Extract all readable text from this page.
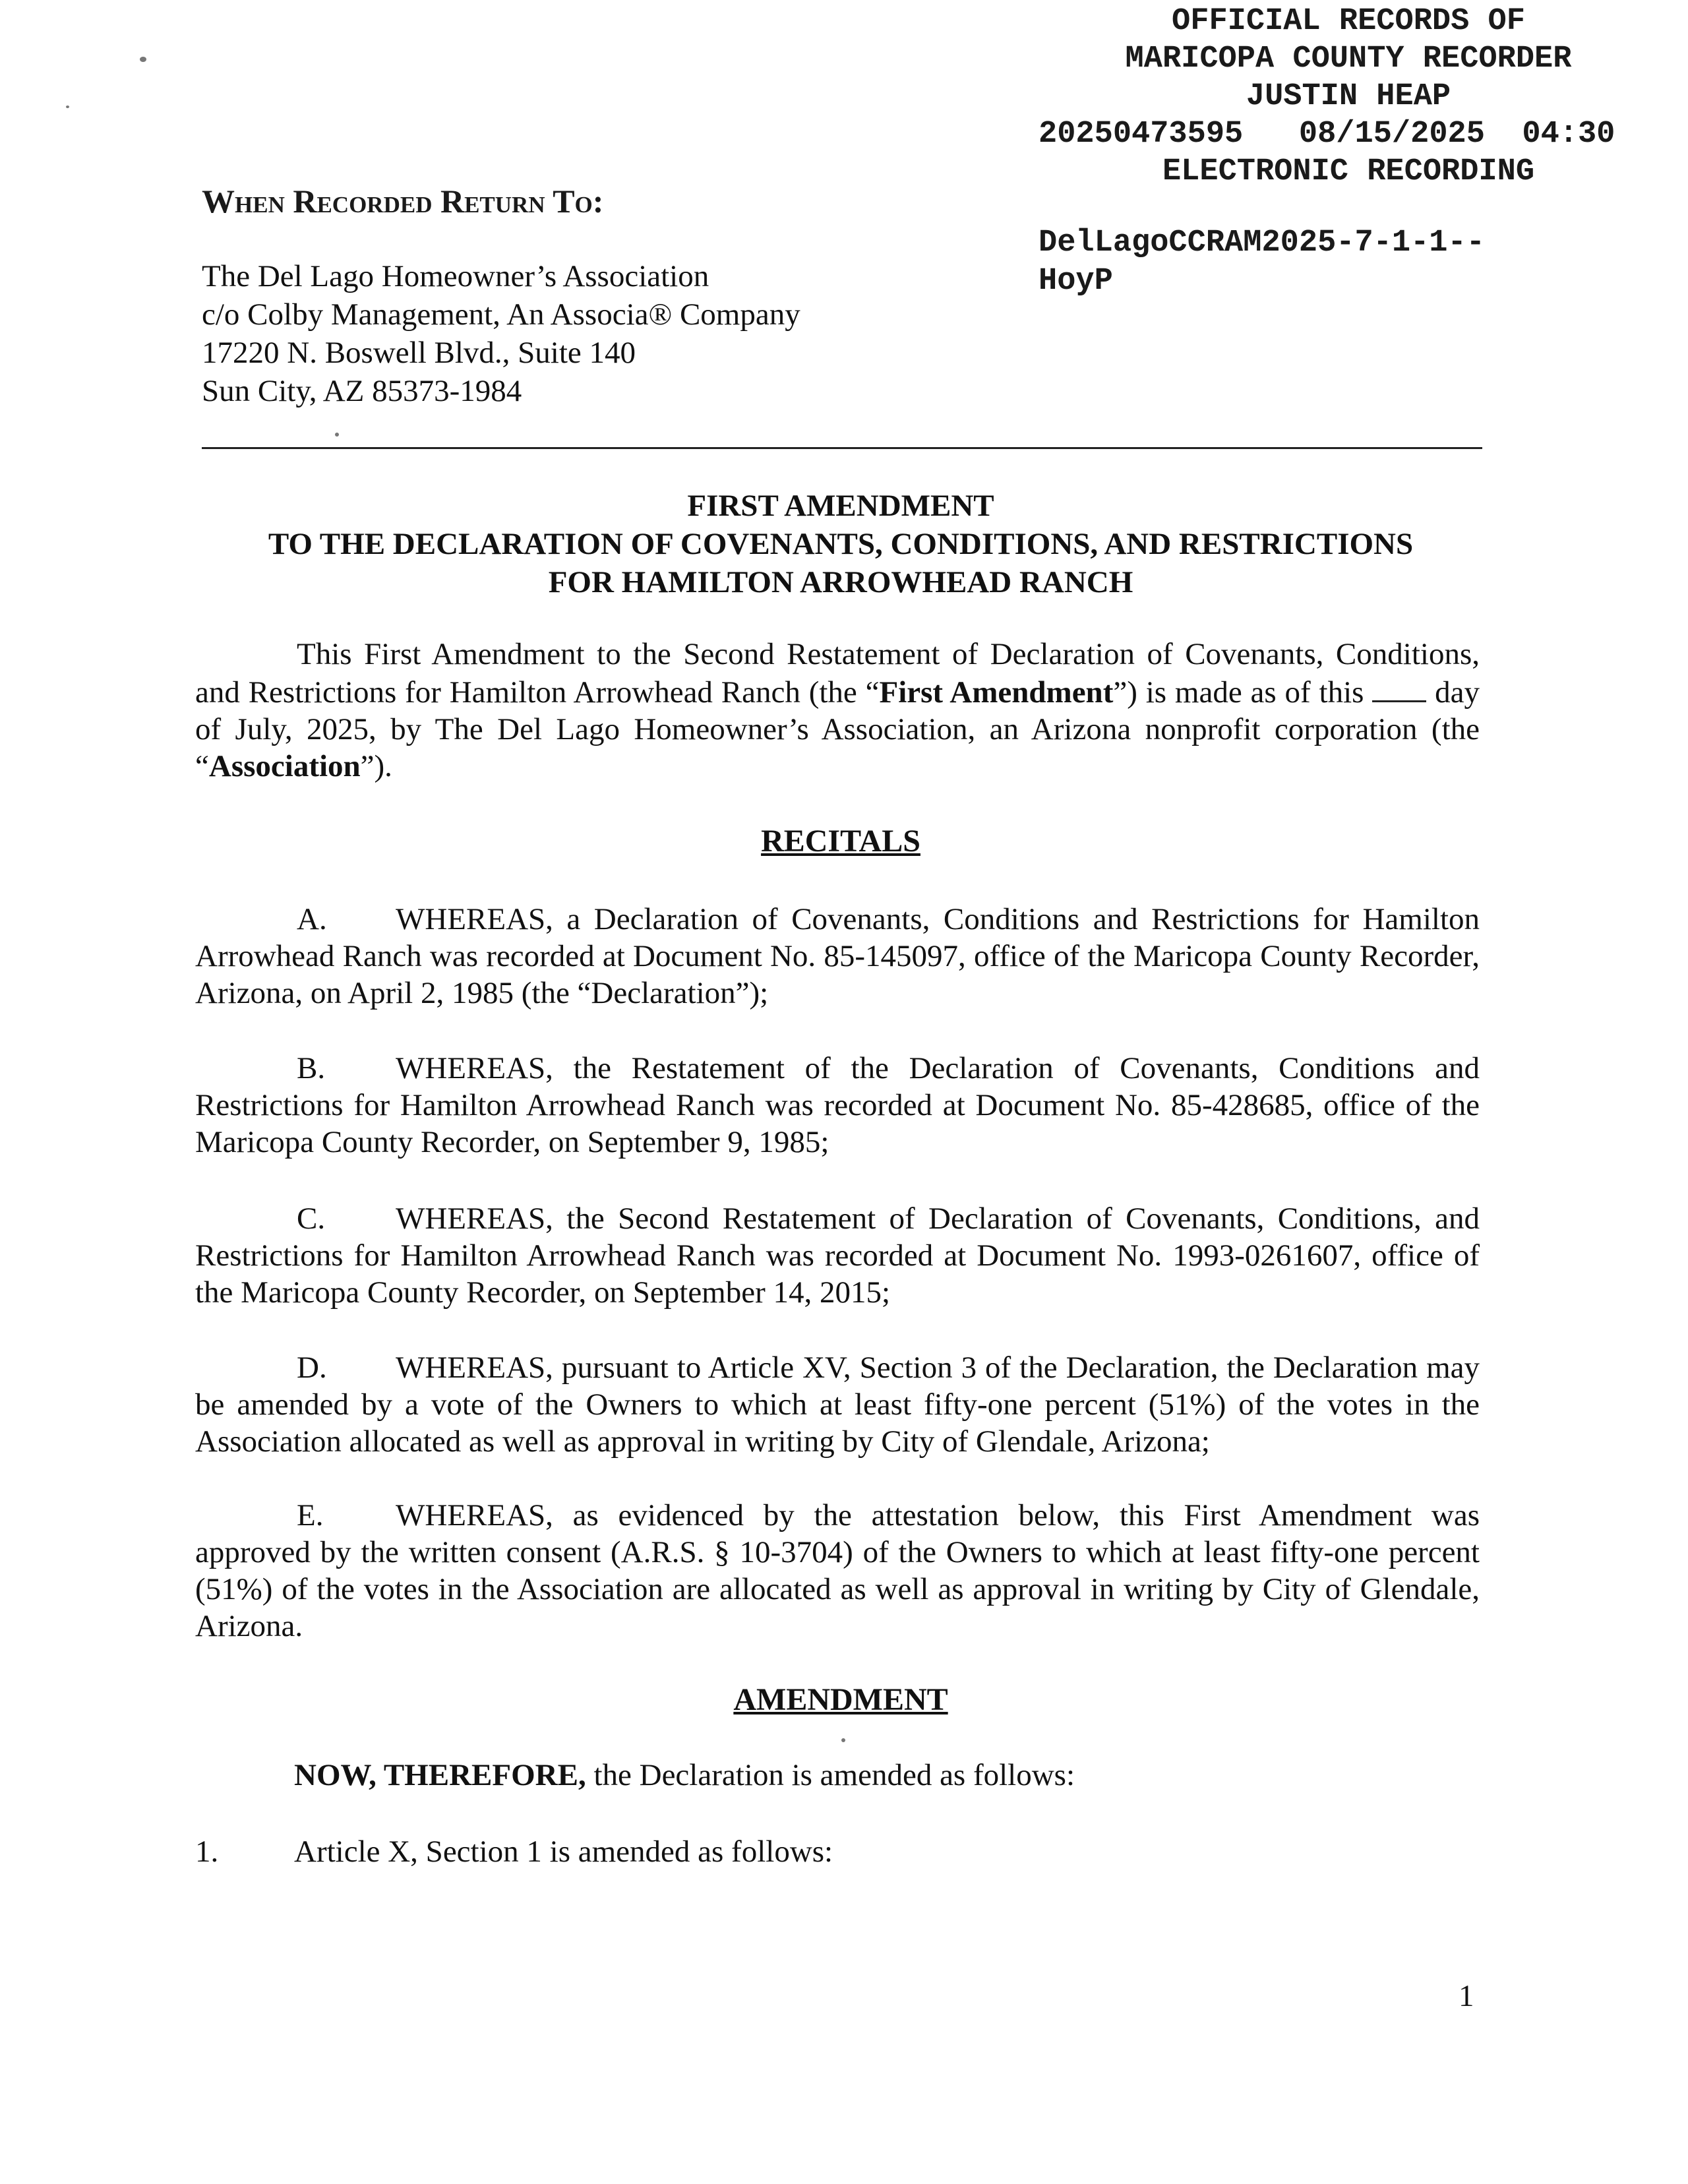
OFFICIAL RECORDS OF
MARICOPA COUNTY RECORDER
JUSTIN HEAP
20250473595 08/15/2025 04:30
ELECTRONIC RECORDING
DelLagoCCRAM2025-7-1-1--
HoyP
When Recorded Return To:
The Del Lago Homeowner’s Association
c/o Colby Management, An Associa® Company
17220 N. Boswell Blvd., Suite 140
Sun City, AZ 85373-1984
FIRST AMENDMENT
TO THE DECLARATION OF COVENANTS, CONDITIONS, AND RESTRICTIONS
FOR HAMILTON ARROWHEAD RANCH
This First Amendment to the Second Restatement of Declaration of Covenants, Conditions, and Restrictions for Hamilton Arrowhead Ranch (the “First Amendment”) is made as of this  day of July, 2025, by The Del Lago Homeowner’s Association, an Arizona nonprofit corporation (the “Association”).
RECITALS
A. WHEREAS, a Declaration of Covenants, Conditions and Restrictions for Hamilton Arrowhead Ranch was recorded at Document No. 85-145097, office of the Maricopa County Recorder, Arizona, on April 2, 1985 (the “Declaration”);
B. WHEREAS, the Restatement of the Declaration of Covenants, Conditions and Restrictions for Hamilton Arrowhead Ranch was recorded at Document No. 85-428685, office of the Maricopa County Recorder, on September 9, 1985;
C. WHEREAS, the Second Restatement of Declaration of Covenants, Conditions, and Restrictions for Hamilton Arrowhead Ranch was recorded at Document No. 1993-0261607, office of the Maricopa County Recorder, on September 14, 2015;
D. WHEREAS, pursuant to Article XV, Section 3 of the Declaration, the Declaration may be amended by a vote of the Owners to which at least fifty-one percent (51%) of the votes in the Association allocated as well as approval in writing by City of Glendale, Arizona;
E. WHEREAS, as evidenced by the attestation below, this First Amendment was approved by the written consent (A.R.S. § 10-3704) of the Owners to which at least fifty-one percent (51%) of the votes in the Association are allocated as well as approval in writing by City of Glendale, Arizona.
AMENDMENT
NOW, THEREFORE, the Declaration is amended as follows:
1. Article X, Section 1 is amended as follows:
1
